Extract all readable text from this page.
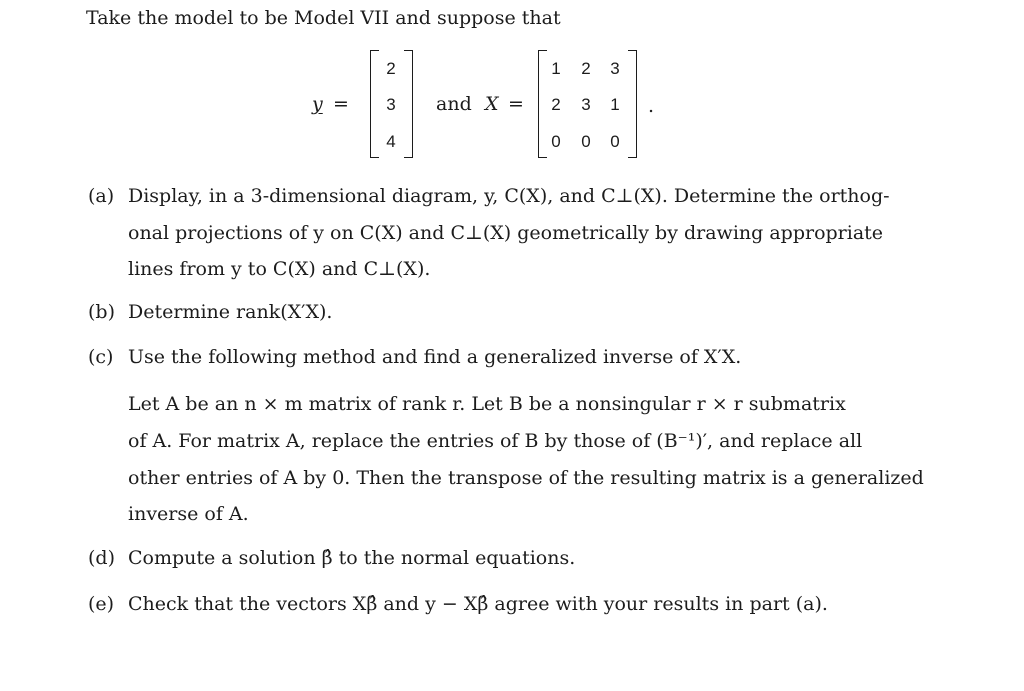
Take the model to be Model VII and suppose that
y =
2
3
4
and X =
1	2	3
2	3	1
0	0	0
.
(a) Display, in a 3-dimensional diagram, y, C(X), and C⊥(X). Determine the orthog-
onal projections of y on C(X) and C⊥(X) geometrically by drawing appropriate
lines from y to C(X) and C⊥(X).
(b) Determine rank(X′X).
(c) Use the following method and find a generalized inverse of X′X.
Let A be an n × m matrix of rank r. Let B be a nonsingular r × r submatrix
of A. For matrix A, replace the entries of B by those of (B⁻¹)′, and replace all
other entries of A by 0. Then the transpose of the resulting matrix is a generalized
inverse of A.
(d) Compute a solution β̂ to the normal equations.
(e) Check that the vectors Xβ̂ and y − Xβ̂ agree with your results in part (a).
